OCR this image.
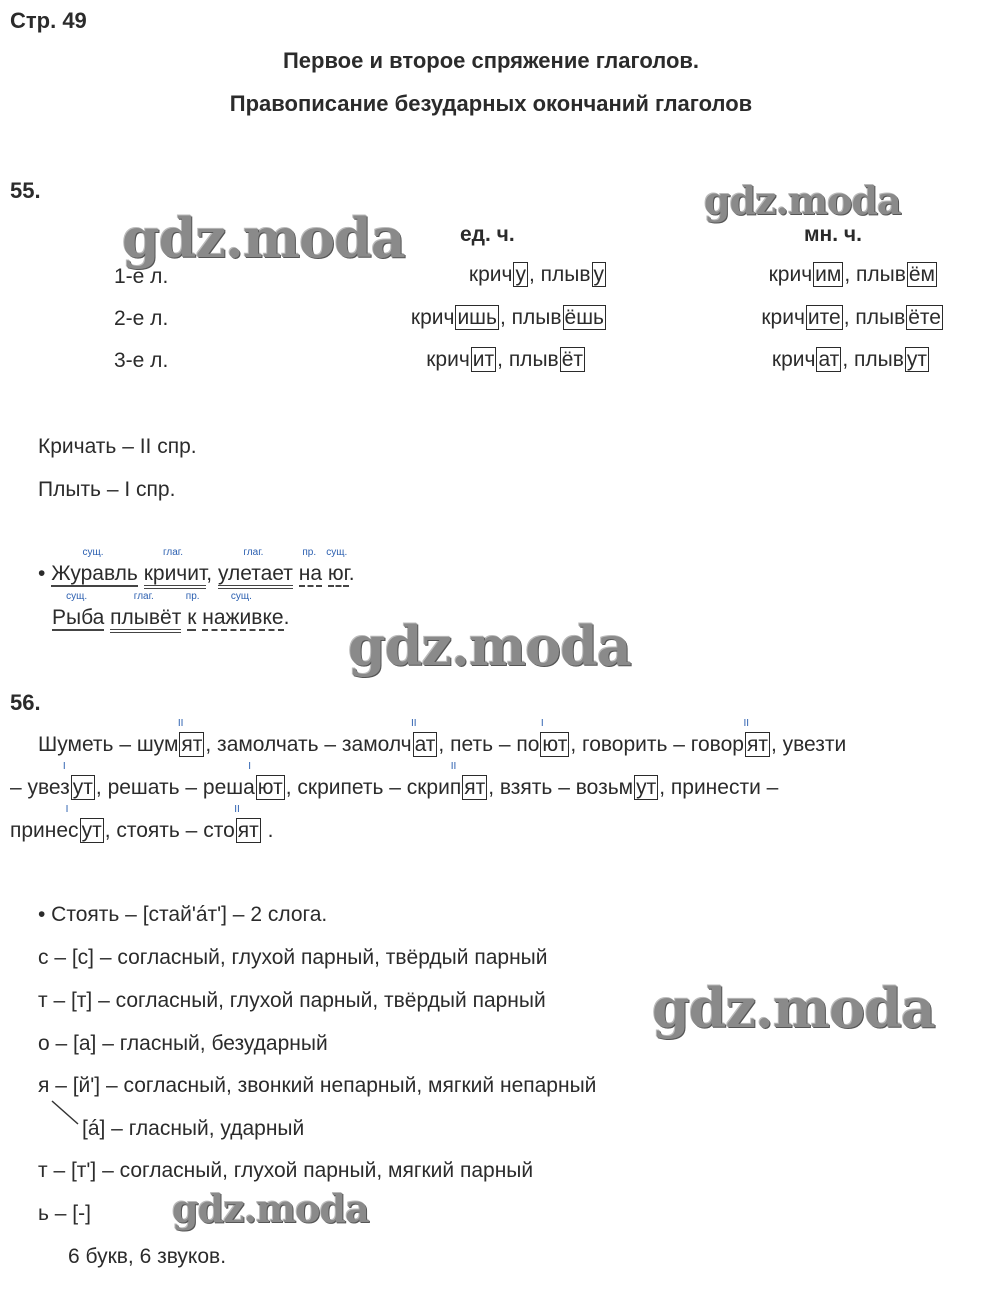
Стр. 49
Первое и второе спряжение глаголов.
Правописание безударных окончаний глаголов
gdz.moda
gdz.moda
gdz.moda
gdz.moda
gdz.moda
55.
ед. ч.	мн. ч.
1-е л.	крич у , плыв у	крич им , плыв ём
2-е л.	крич ишь , плыв ёшь	крич ите , плыв ёте
3-е л.	крич ит , плыв ёт	крич ат , плыв ут
Кричать – II спр.
Плыть – I спр.
•
сущ.
Журавль
глаг.
кричит,
глаг.
улетает
пр.
на
сущ.
юг.
сущ.
Рыба
глаг.
плывёт
пр.
к
сущ.
наживке.
56.
Шуметь – шум
II
ят , замолчать – замолч
II
ат , петь – по
I
ют , говорить – говор
II
ят , увезти
– увез
I
ут , решать – реша
I
ют , скрипеть – скрип
II
ят , взять – возьм ут , принести –
принес
I
ут , стоять – сто
II
ят .
• Стоять – [стай'áт'] – 2 слога.
с – [с] – согласный, глухой парный, твёрдый парный
т – [т] – согласный, глухой парный, твёрдый парный
о – [а] – гласный, безударный
я – [й'] – согласный, звонкий непарный, мягкий непарный
[á] – гласный, ударный
т – [т'] – согласный, глухой парный, мягкий парный
ь – [-]
6 букв, 6 звуков.
